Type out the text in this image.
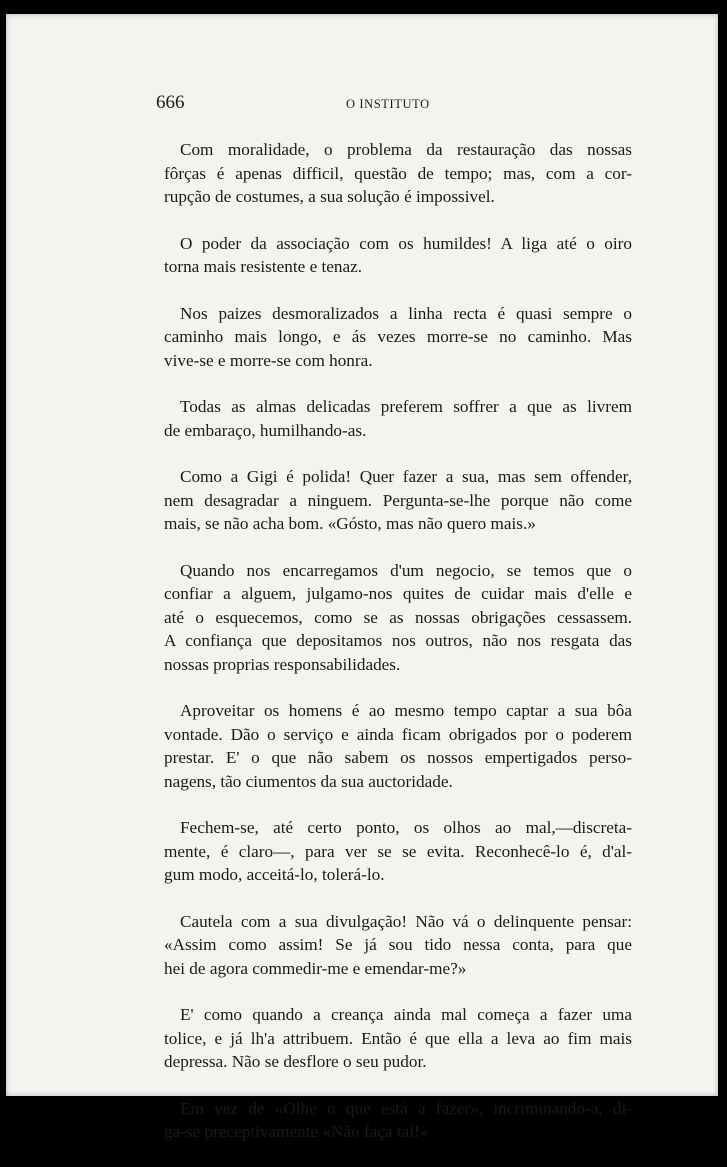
666	O INSTITUTO

Com moralidade, o problema da restauração das nossas
fôrças é apenas difficil, questão de tempo; mas, com a cor-
rupção de costumes, a sua solução é impossivel.

O poder da associação com os humildes! A liga até o oiro
torna mais resistente e tenaz.

Nos paizes desmoralizados a linha recta é quasi sempre o
caminho mais longo, e ás vezes morre-se no caminho. Mas
vive-se e morre-se com honra.

Todas as almas delicadas preferem soffrer a que as livrem
de embaraço, humilhando-as.

Como a Gigi é polida! Quer fazer a sua, mas sem offender,
nem desagradar a ninguem. Pergunta-se-lhe porque não come
mais, se não acha bom. «Gósto, mas não quero mais.»

Quando nos encarregamos d'um negocio, se temos que o
confiar a alguem, julgamo-nos quites de cuidar mais d'elle e
até o esquecemos, como se as nossas obrigações cessassem.
A confiança que depositamos nos outros, não nos resgata das
nossas proprias responsabilidades.

Aproveitar os homens é ao mesmo tempo captar a sua bôa
vontade. Dão o serviço e ainda ficam obrigados por o poderem
prestar. E' o que não sabem os nossos empertigados perso-
nagens, tão ciumentos da sua auctoridade.

Fechem-se, até certo ponto, os olhos ao mal,—discreta-
mente, é claro—, para ver se se evita. Reconhecê-lo é, d'al-
gum modo, acceitá-lo, tolerá-lo.

Cautela com a sua divulgação! Não vá o delinquente pensar:
«Assim como assim! Se já sou tido nessa conta, para que
hei de agora commedir-me e emendar-me?»

E' como quando a creança ainda mal começa a fazer uma
tolice, e já lh'a attribuem. Então é que ella a leva ao fim mais
depressa. Não se desflore o seu pudor.

Em vez de «Olhe o que está a fazer», incriminando-a, di-
ga-se preceptivamente «Não faça tal!»
